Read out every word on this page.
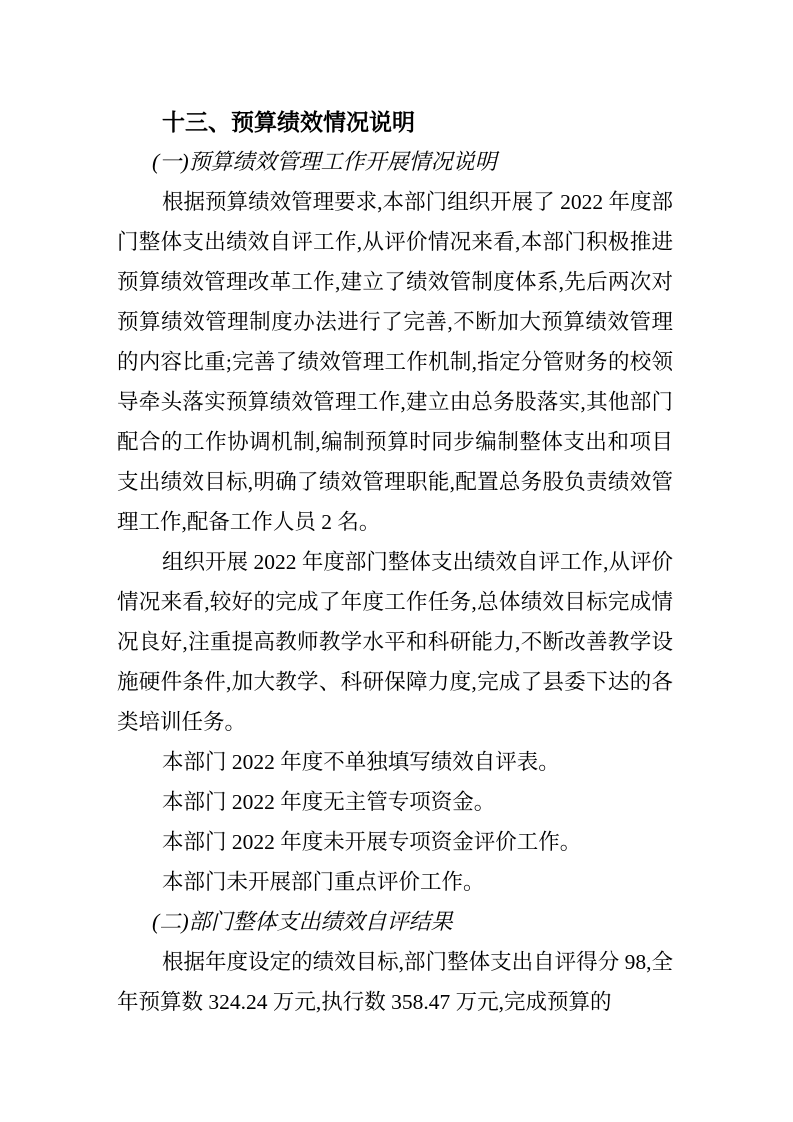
十三、预算绩效情况说明
(一)预算绩效管理工作开展情况说明

根据预算绩效管理要求,本部门组织开展了 2022 年度部门整体支出绩效自评工作,从评价情况来看,本部门积极推进预算绩效管理改革工作,建立了绩效管制度体系,先后两次对预算绩效管理制度办法进行了完善,不断加大预算绩效管理的内容比重;完善了绩效管理工作机制,指定分管财务的校领导牵头落实预算绩效管理工作,建立由总务股落实,其他部门配合的工作协调机制,编制预算时同步编制整体支出和项目支出绩效目标,明确了绩效管理职能,配置总务股负责绩效管理工作,配备工作人员 2 名。

组织开展 2022 年度部门整体支出绩效自评工作,从评价情况来看,较好的完成了年度工作任务,总体绩效目标完成情况良好,注重提高教师教学水平和科研能力,不断改善教学设施硬件条件,加大教学、科研保障力度,完成了县委下达的各类培训任务。

本部门 2022 年度不单独填写绩效自评表。

本部门 2022 年度无主管专项资金。

本部门 2022 年度未开展专项资金评价工作。

本部门未开展部门重点评价工作。

(二)部门整体支出绩效自评结果

根据年度设定的绩效目标,部门整体支出自评得分 98,全年预算数 324.24 万元,执行数 358.47 万元,完成预算的
